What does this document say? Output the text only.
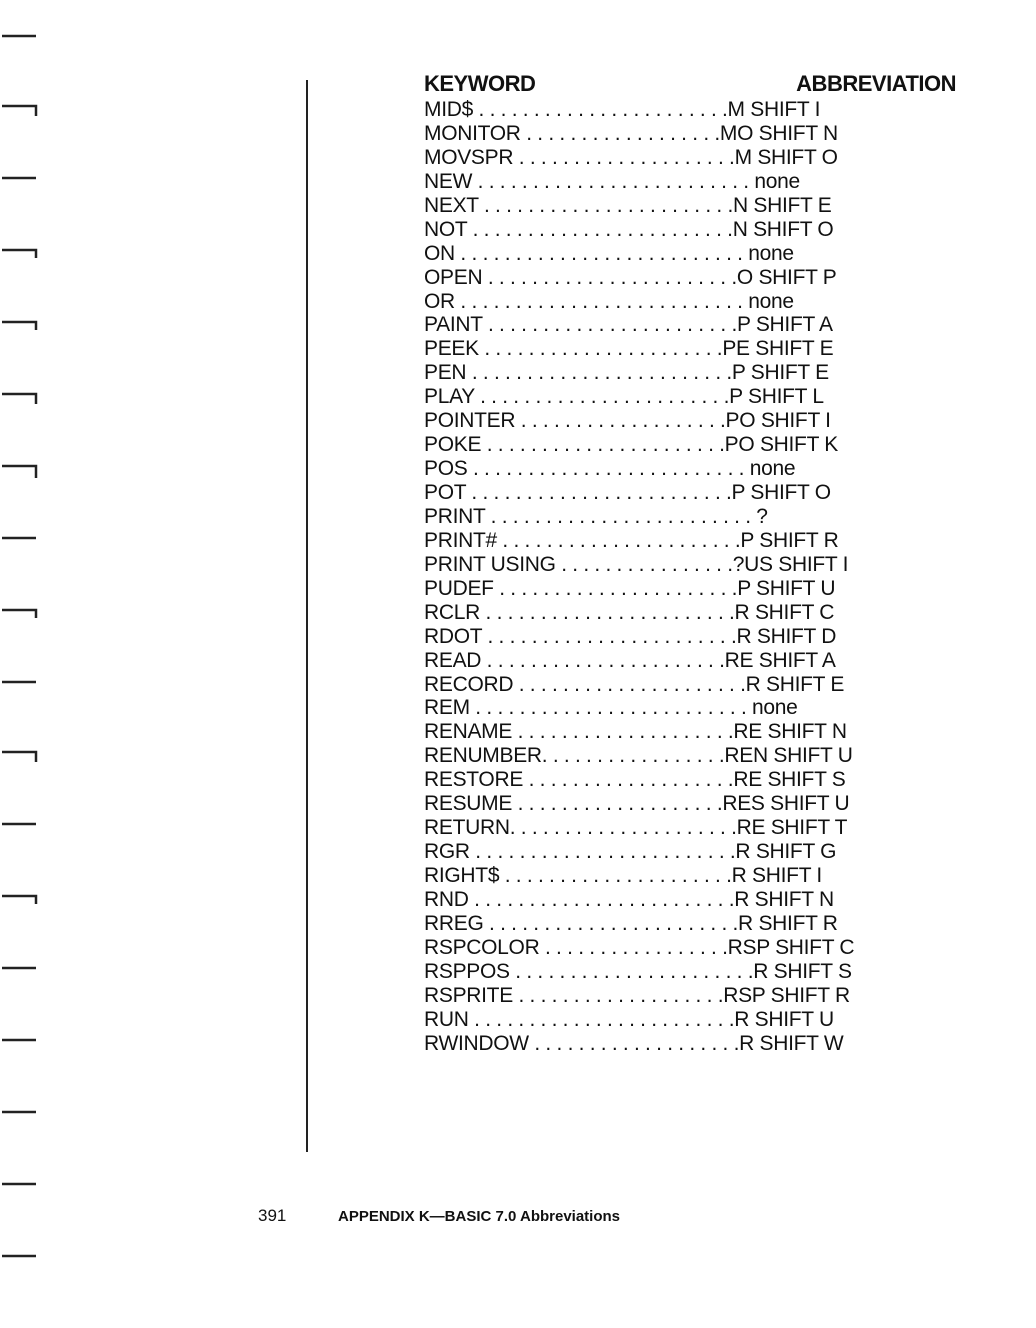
KEYWORD	ABBREVIATION
MID$ . . . . . . . . . . . . . . . . . . . . . . .M SHIFT I
MONITOR . . . . . . . . . . . . . . . . . .MO SHIFT N
MOVSPR . . . . . . . . . . . . . . . . . . . .M SHIFT O
NEW . . . . . . . . . . . . . . . . . . . . . . . . . none
NEXT . . . . . . . . . . . . . . . . . . . . . . .N SHIFT E
NOT . . . . . . . . . . . . . . . . . . . . . . . .N SHIFT O
ON . . . . . . . . . . . . . . . . . . . . . . . . . . none
OPEN . . . . . . . . . . . . . . . . . . . . . . .O SHIFT P
OR . . . . . . . . . . . . . . . . . . . . . . . . . . none
PAINT . . . . . . . . . . . . . . . . . . . . . . .P SHIFT A
PEEK . . . . . . . . . . . . . . . . . . . . . .PE SHIFT E
PEN . . . . . . . . . . . . . . . . . . . . . . . .P SHIFT E
PLAY . . . . . . . . . . . . . . . . . . . . . . .P SHIFT L
POINTER . . . . . . . . . . . . . . . . . . .PO SHIFT I
POKE . . . . . . . . . . . . . . . . . . . . . .PO SHIFT K
POS . . . . . . . . . . . . . . . . . . . . . . . . . none
POT . . . . . . . . . . . . . . . . . . . . . . . .P SHIFT O
PRINT . . . . . . . . . . . . . . . . . . . . . . . . ?
PRINT# . . . . . . . . . . . . . . . . . . . . . .P SHIFT R
PRINT USING . . . . . . . . . . . . . . . .?US SHIFT I
PUDEF . . . . . . . . . . . . . . . . . . . . . .P SHIFT U
RCLR . . . . . . . . . . . . . . . . . . . . . . .R SHIFT C
RDOT . . . . . . . . . . . . . . . . . . . . . . .R SHIFT D
READ . . . . . . . . . . . . . . . . . . . . . .RE SHIFT A
RECORD . . . . . . . . . . . . . . . . . . . . .R SHIFT E
REM . . . . . . . . . . . . . . . . . . . . . . . . . none
RENAME . . . . . . . . . . . . . . . . . . . .RE SHIFT N
RENUMBER. . . . . . . . . . . . . . . . .REN SHIFT U
RESTORE . . . . . . . . . . . . . . . . . . .RE SHIFT S
RESUME . . . . . . . . . . . . . . . . . . .RES SHIFT U
RETURN. . . . . . . . . . . . . . . . . . . . .RE SHIFT T
RGR . . . . . . . . . . . . . . . . . . . . . . . .R SHIFT G
RIGHT$ . . . . . . . . . . . . . . . . . . . . .R SHIFT I
RND . . . . . . . . . . . . . . . . . . . . . . . .R SHIFT N
RREG . . . . . . . . . . . . . . . . . . . . . . .R SHIFT R
RSPCOLOR . . . . . . . . . . . . . . . . .RSP SHIFT C
RSPPOS . . . . . . . . . . . . . . . . . . . . . .R SHIFT S
RSPRITE . . . . . . . . . . . . . . . . . . .RSP SHIFT R
RUN . . . . . . . . . . . . . . . . . . . . . . . .R SHIFT U
RWINDOW . . . . . . . . . . . . . . . . . . .R SHIFT W
391	APPENDIX K—BASIC 7.0 Abbreviations
